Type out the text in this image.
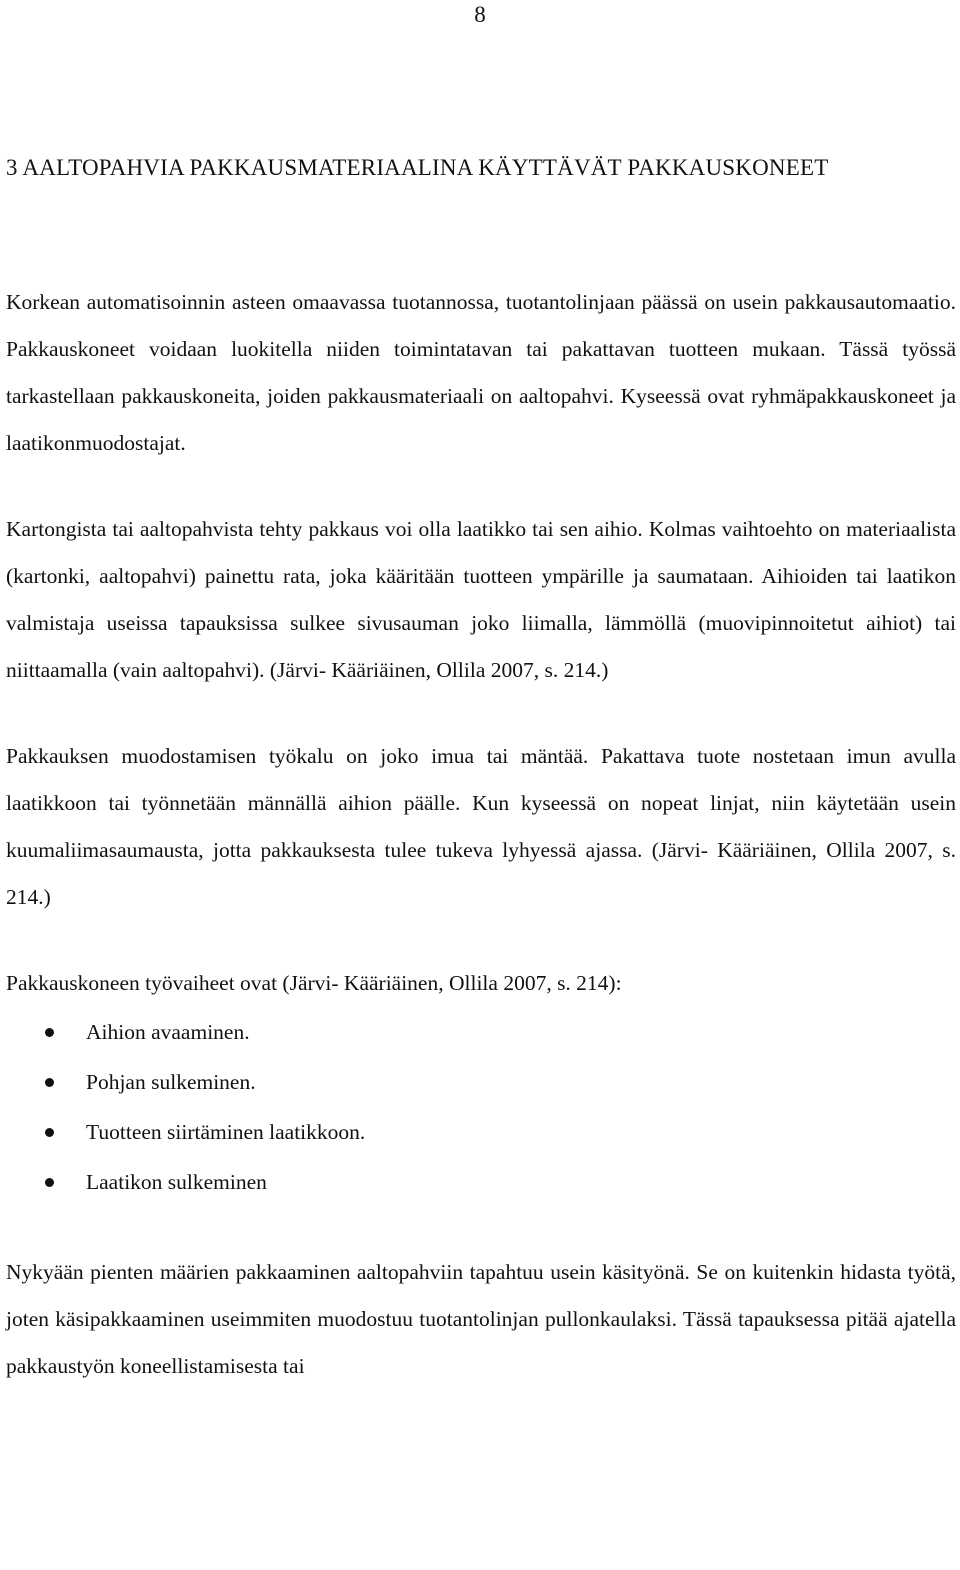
8
3 AALTOPAHVIA PAKKAUSMATERIAALINA KÄYTTÄVÄT PAKKAUSKONEET

Korkean automatisoinnin asteen omaavassa tuotannossa, tuotantolinjaan päässä on usein pakkausautomaatio. Pakkauskoneet voidaan luokitella niiden toimintatavan tai pakattavan tuotteen mukaan. Tässä työssä tarkastellaan pakkauskoneita, joiden pakkausmateriaali on aaltopahvi. Kyseessä ovat ryhmäpakkauskoneet ja laatikonmuodostajat.

Kartongista tai aaltopahvista tehty pakkaus voi olla laatikko tai sen aihio. Kolmas vaihtoehto on materiaalista (kartonki, aaltopahvi) painettu rata, joka kääritään tuotteen ympärille ja saumataan. Aihioiden tai laatikon valmistaja useissa tapauksissa sulkee sivusauman joko liimalla, lämmöllä (muovipinnoitetut aihiot) tai niittaamalla (vain aaltopahvi). (Järvi- Kääriäinen, Ollila 2007, s. 214.)

Pakkauksen muodostamisen työkalu on joko imua tai mäntää. Pakattava tuote nostetaan imun avulla laatikkoon tai työnnetään männällä aihion päälle. Kun kyseessä on nopeat linjat, niin käytetään usein kuumaliimasaumausta, jotta pakkauksesta tulee tukeva lyhyessä ajassa. (Järvi- Kääriäinen, Ollila 2007, s. 214.)

Pakkauskoneen työvaiheet ovat (Järvi- Kääriäinen, Ollila 2007, s. 214):

Aihion avaaminen.
Pohjan sulkeminen.
Tuotteen siirtäminen laatikkoon.
Laatikon sulkeminen

Nykyään pienten määrien pakkaaminen aaltopahviin tapahtuu usein käsityönä. Se on kuitenkin hidasta työtä, joten käsipakkaaminen useimmiten muodostuu tuotantolinjan pullonkaulaksi. Tässä tapauksessa pitää ajatella pakkaustyön koneellistamisesta tai
